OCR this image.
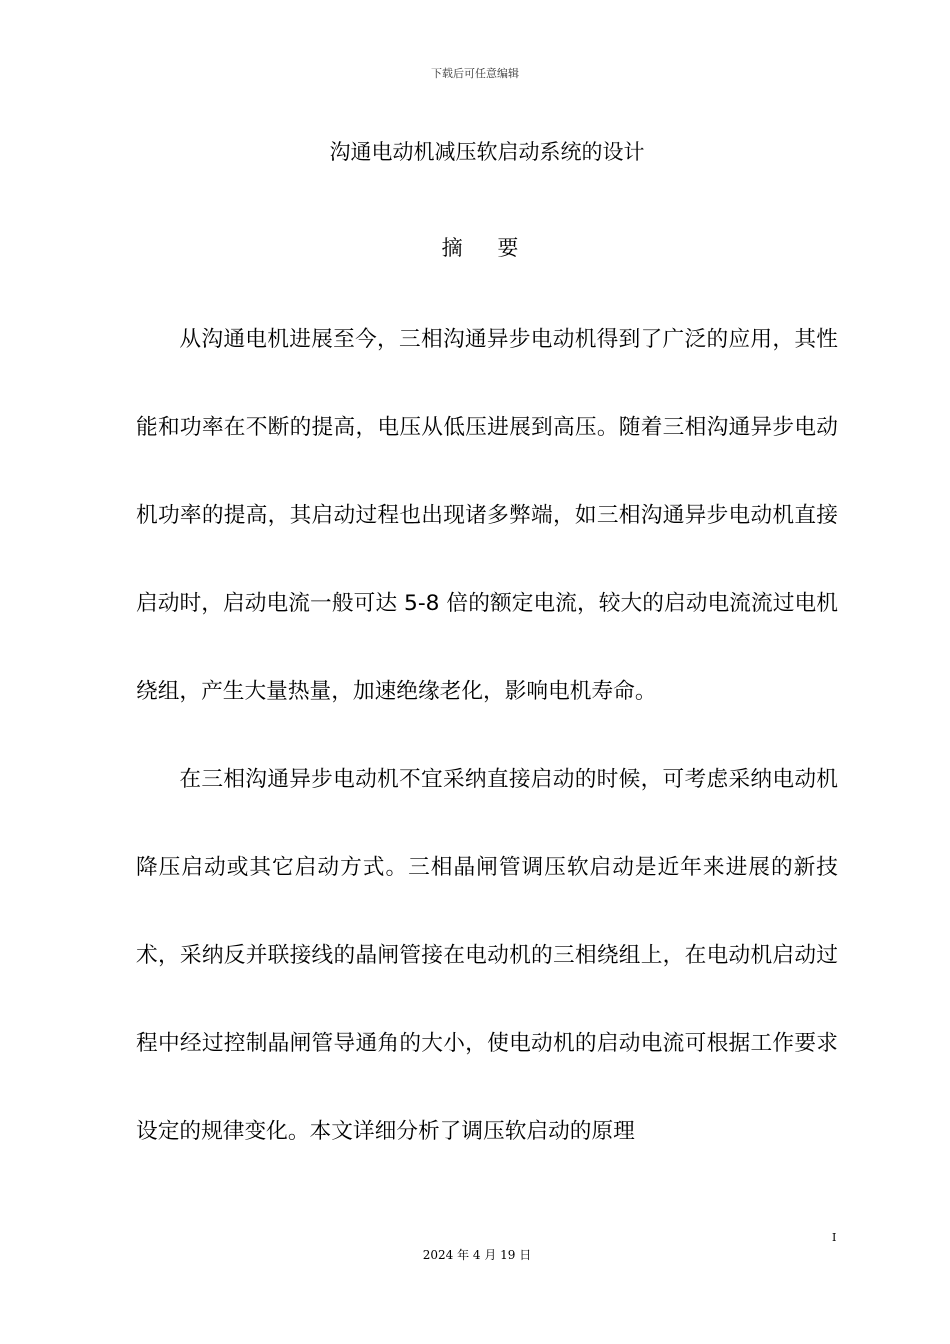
下载后可任意编辑
沟通电动机减压软启动系统的设计
摘 要

从沟通电机进展至今，三相沟通异步电动机得到了广泛的应用，其性能和功率在不断的提高，电压从低压进展到高压。随着三相沟通异步电动机功率的提高，其启动过程也出现诸多弊端，如三相沟通异步电动机直接启动时，启动电流一般可达 5-8 倍的额定电流，较大的启动电流流过电机绕组，产生大量热量，加速绝缘老化，影响电机寿命。

在三相沟通异步电动机不宜采纳直接启动的时候，可考虑采纳电动机降压启动或其它启动方式。三相晶闸管调压软启动是近年来进展的新技术，采纳反并联接线的晶闸管接在电动机的三相绕组上，在电动机启动过程中经过控制晶闸管导通角的大小，使电动机的启动电流可根据工作要求设定的规律变化。本文详细分析了调压软启动的原理

I
2024 年 4 月 19 日
